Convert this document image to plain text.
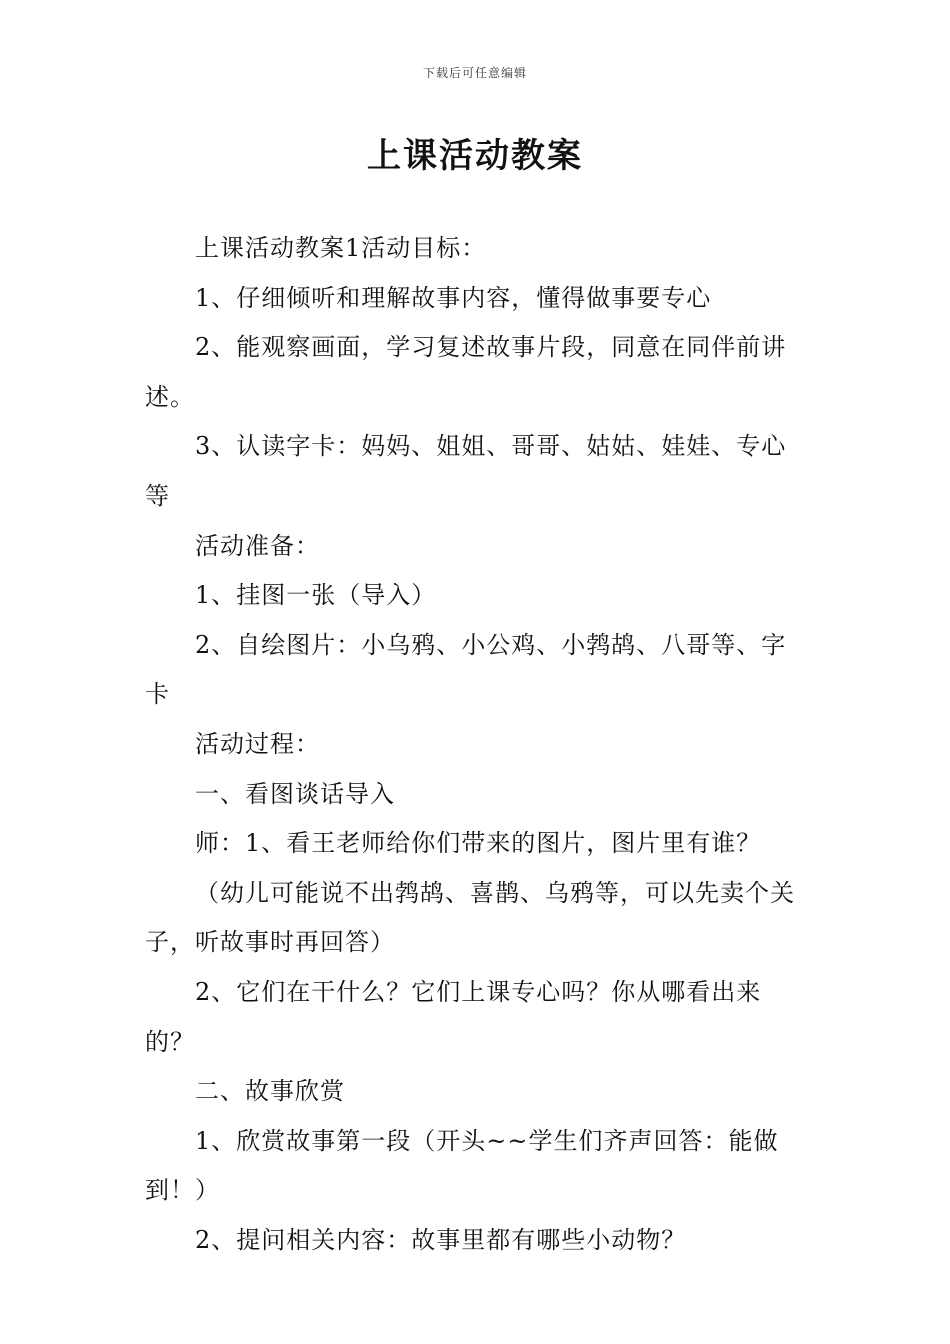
下载后可任意编辑
上课活动教案

上课活动教案1活动目标：

1、仔细倾听和理解故事内容，懂得做事要专心

2、能观察画面，学习复述故事片段，同意在同伴前讲述。

3、认读字卡：妈妈、姐姐、哥哥、姑姑、娃娃、专心等

活动准备：

1、挂图一张（导入）

2、自绘图片：小乌鸦、小公鸡、小鹁鸪、八哥等、字卡

活动过程：

一、看图谈话导入

师：1、看王老师给你们带来的图片，图片里有谁？

（幼儿可能说不出鹁鸪、喜鹊、乌鸦等，可以先卖个关子，听故事时再回答）

2、它们在干什么？它们上课专心吗？你从哪看出来的？

二、故事欣赏

1、欣赏故事第一段（开头~~学生们齐声回答：能做到！）

2、提问相关内容：故事里都有哪些小动物？
